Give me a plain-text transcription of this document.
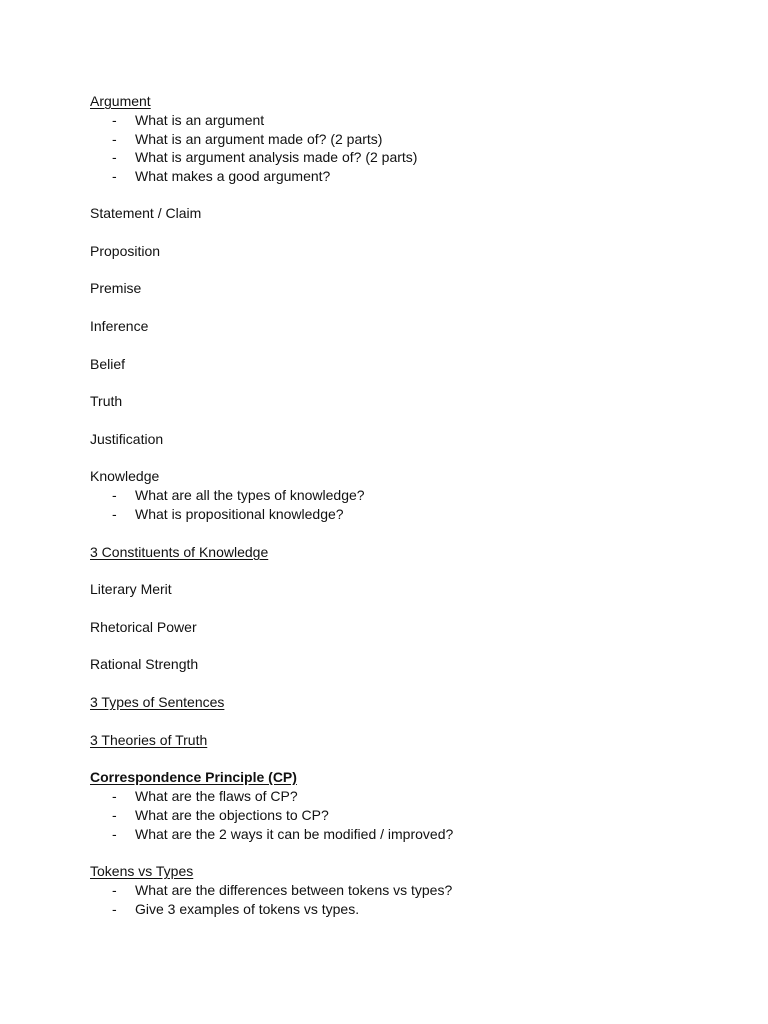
Argument
- What is an argument
- What is an argument made of? (2 parts)
- What is argument analysis made of? (2 parts)
- What makes a good argument?
Statement / Claim
Proposition
Premise
Inference
Belief
Truth
Justification
Knowledge
- What are all the types of knowledge?
- What is propositional knowledge?
3 Constituents of Knowledge
Literary Merit
Rhetorical Power
Rational Strength
3 Types of Sentences
3 Theories of Truth
Correspondence Principle (CP)
- What are the flaws of CP?
- What are the objections to CP?
- What are the 2 ways it can be modified / improved?
Tokens vs Types
- What are the differences between tokens vs types?
- Give 3 examples of tokens vs types.
